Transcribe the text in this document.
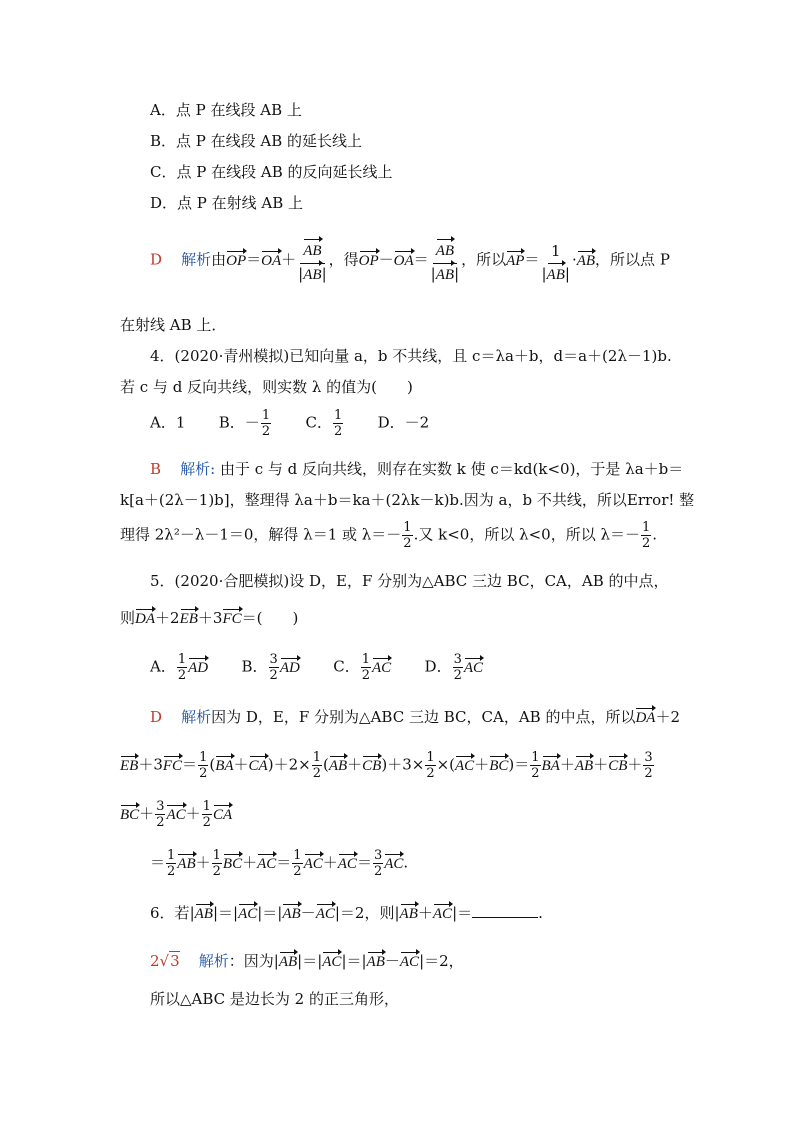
A．点 P 在线段 AB 上
B．点 P 在线段 AB 的延长线上
C．点 P 在线段 AB 的反向延长线上
D．点 P 在射线 AB 上
D 解析由$OP=OA+ \frac{AB}{|AB|}$ ，得$OP-OA= \frac{AB}{|AB|}$ ，所以$AP= \frac{1}{|AB|} \cdot AB$，所以点 P
在射线 AB 上．
4．(2020·青州模拟)已知向量 a，b 不共线，且 c＝λa＋b，d＝a＋(2λ－1)b.
若 c 与 d 反向共线，则实数 λ 的值为(　　)
A．1 B．－ $\frac{1}{2}$ C． $\frac{1}{2}$ D．－2
B 解析: 由于 c 与 d 反向共线，则存在实数 k 使 c＝kd(k<0)，于是 λa＋b＝
k[a＋(2λ－1)b]，整理得 λa＋b＝ka＋(2λk－k)b.因为 a，b 不共线，所以Error! 整
理得 2λ²－λ－1＝0，解得 λ＝1 或 $\lambda=- \frac{1}{2}$ .又 k<0，所以 λ<0，所以 $\lambda=- \frac{1}{2}$ .
5．(2020·合肥模拟)设 D，E，F 分别为△ABC 三边 BC，CA，AB 的中点，
则DA＋2EB＋3FC＝(　　)
A． $\frac{1}{2}$ AD B． $\frac{3}{2}$ AD C． $\frac{1}{2}$ AC D． $\frac{3}{2}$ AC
D 解析因为 D，E，F 分别为△ABC 三边 BC，CA，AB 的中点，所以DA＋2
$EB+3FC= \frac{1}{2} (BA+CA)+2\times \frac{1}{2} (AB+CB)+3\times \frac{1}{2} \times(AC+BC)= \frac{1}{2} BA+AB+CB+ \frac{3}{2}$
$BC+ \frac{3}{2} AC+ \frac{1}{2}$ CA
＝ $\frac{1}{2} AB+ \frac{1}{2} BC+AC= \frac{1}{2} AC+AC= \frac{3}{2}$ AC.
6．若|AB|＝|AC|＝|AB－AC|＝2，则|AB＋AC|＝	.
2√3 解析：因为|AB|＝|AC|＝|AB－AC|＝2，
所以△ABC 是边长为 2 的正三角形，
